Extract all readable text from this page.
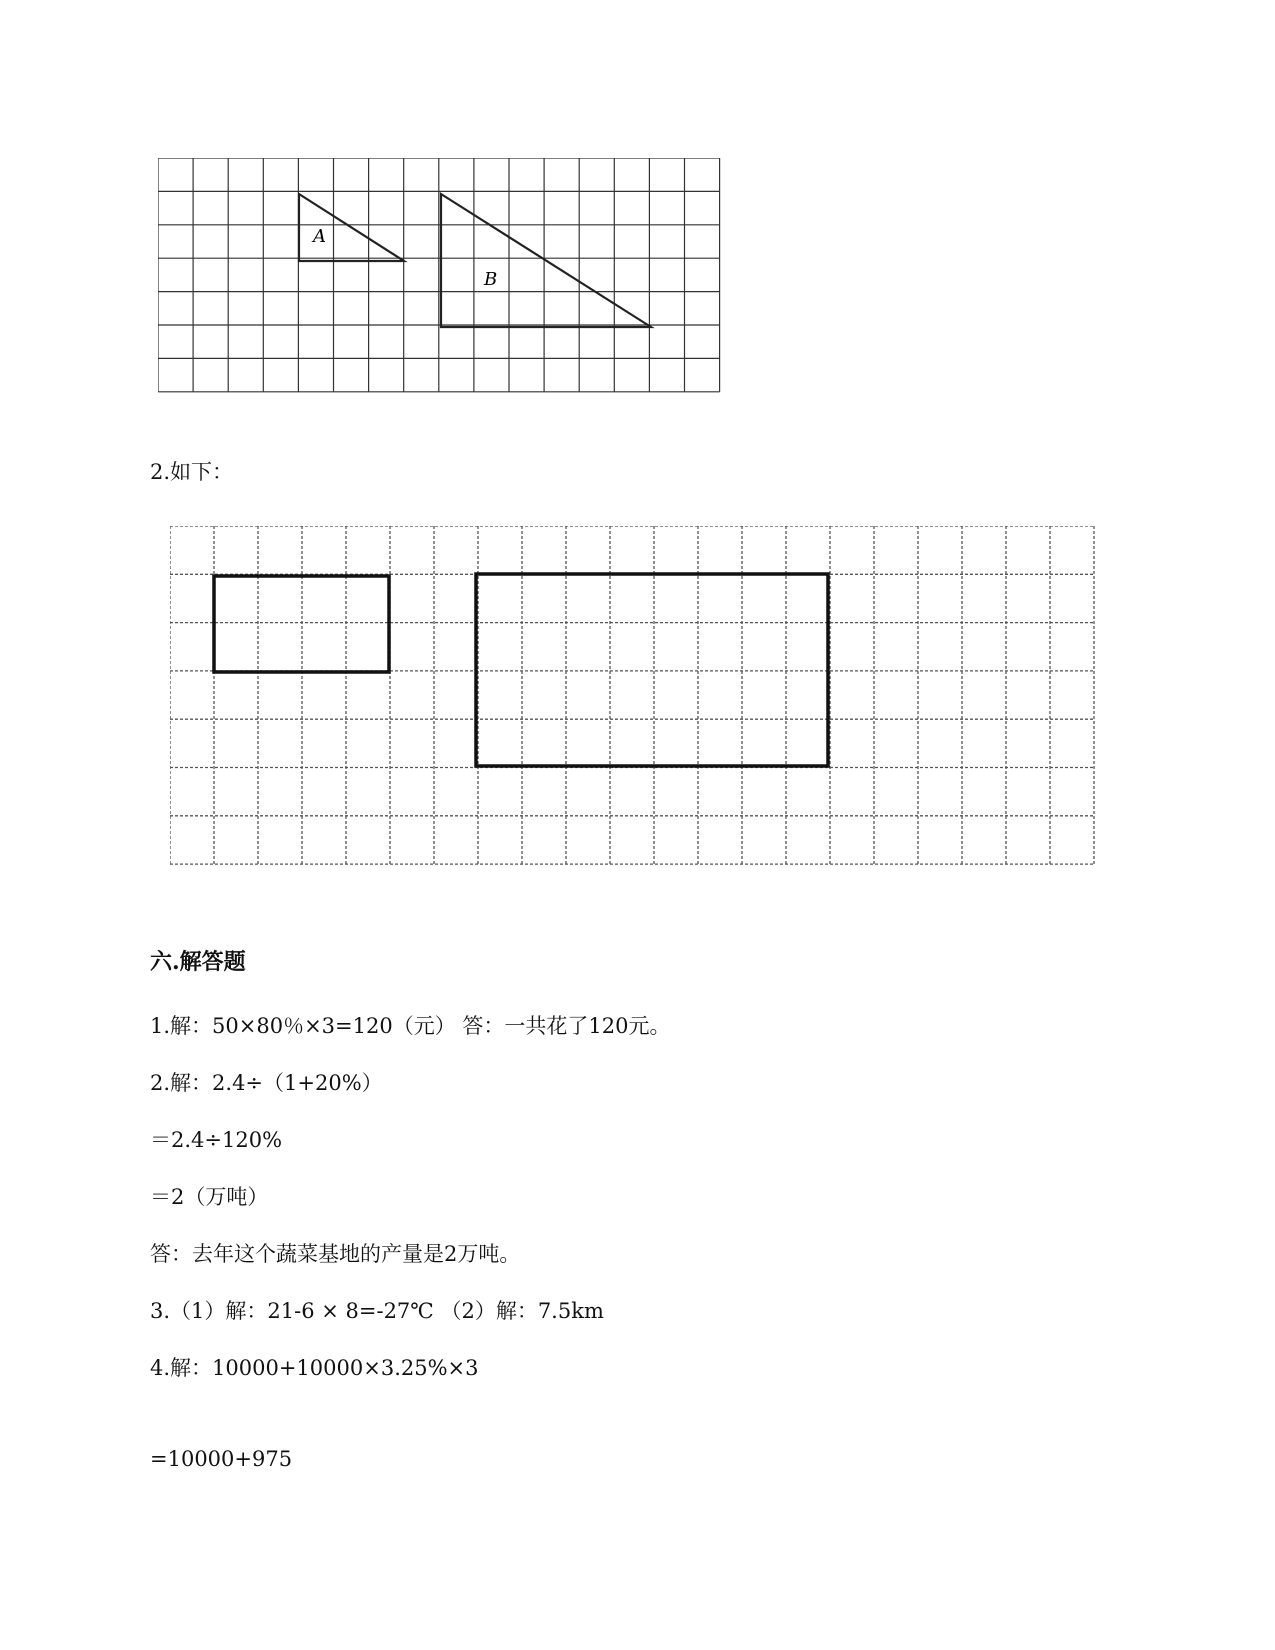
A
B
2.如下：
六.解答题
1.解：50×80％×3=120（元） 答：一共花了120元。
2.解：2.4÷（1+20%）
＝2.4÷120%
＝2（万吨）
答：去年这个蔬菜基地的产量是2万吨。
3.（1）解：21-6 × 8=-27℃ （2）解：7.5km
4.解：10000+10000×3.25%×3
=10000+975
